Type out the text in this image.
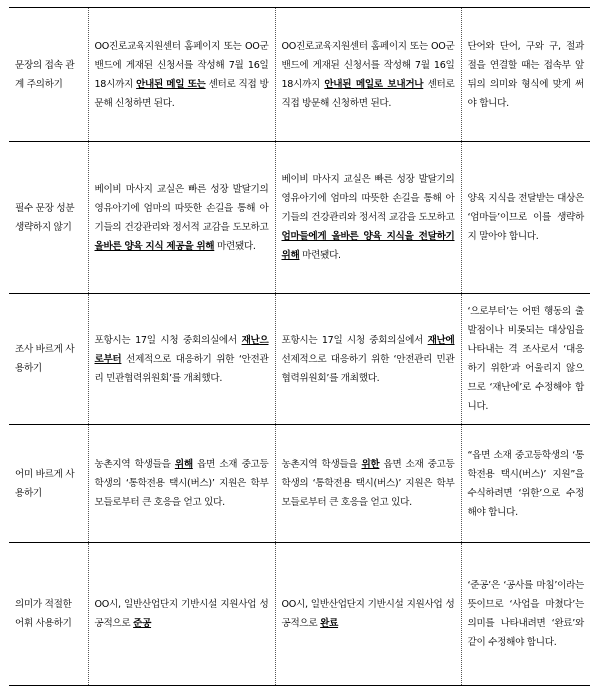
문장의 접속 관계 주의하기	OO진로교육지원센터 홈페이지 또는 OO군 밴드에 게재된 신청서를 작성해 7월 16일 18시까지 안내된 메일 또는 센터로 직접 방문해 신청하면 된다.	OO진로교육지원센터 홈페이지 또는 OO군 밴드에 게재된 신청서를 작성해 7월 16일 18시까지 안내된 메일로 보내거나 센터로 직접 방문해 신청하면 된다.	단어와 단어, 구와 구, 절과 절을 연결할 때는 접속부 앞뒤의 의미와 형식에 맞게 써야 합니다.
필수 문장 성분 생략하지 않기	베이비 마사지 교실은 빠른 성장 발달기의 영유아기에 엄마의 따뜻한 손길을 통해 아기들의 건강관리와 정서적 교감을 도모하고 올바른 양육 지식 제공을 위해 마련됐다.	베이비 마사지 교실은 빠른 성장 발달기의 영유아기에 엄마의 따뜻한 손길을 통해 아기들의 건강관리와 정서적 교감을 도모하고 엄마들에게 올바른 양육 지식을 전달하기 위해 마련됐다.	양육 지식을 전달받는 대상은 ‘엄마들’이므로 이를 생략하지 말아야 합니다.
조사 바르게 사용하기	포항시는 17일 시청 중회의실에서 재난으로부터 선제적으로 대응하기 위한 ‘안전관리 민관협력위원회’를 개최했다.	포항시는 17일 시청 중회의실에서 재난에 선제적으로 대응하기 위한 ‘안전관리 민관협력위원회’를 개최했다.	‘으로부터’는 어떤 행동의 출발점이나 비롯되는 대상임을 나타내는 격 조사로서 ‘대응하기 위한’과 어울리지 않으므로 ‘재난에’로 수정해야 합니다.
어미 바르게 사용하기	농촌지역 학생들을 위해 읍면 소재 중고등학생의 ‘통학전용 택시(버스)’ 지원은 학부모들로부터 큰 호응을 얻고 있다.	농촌지역 학생들을 위한 읍면 소재 중고등학생의 ‘통학전용 택시(버스)’ 지원은 학부모들로부터 큰 호응을 얻고 있다.	“읍면 소재 중고등학생의 ‘통학전용 택시(버스)’ 지원”을 수식하려면 ‘위한’으로 수정해야 합니다.
의미가 적절한 어휘 사용하기	OO시, 일반산업단지 기반시설 지원사업 성공적으로 준공	OO시, 일반산업단지 기반시설 지원사업 성공적으로 완료	‘준공’은 ‘공사를 마침’이라는 뜻이므로 ‘사업을 마쳤다’는 의미를 나타내려면 ‘완료’와 같이 수정해야 합니다.
